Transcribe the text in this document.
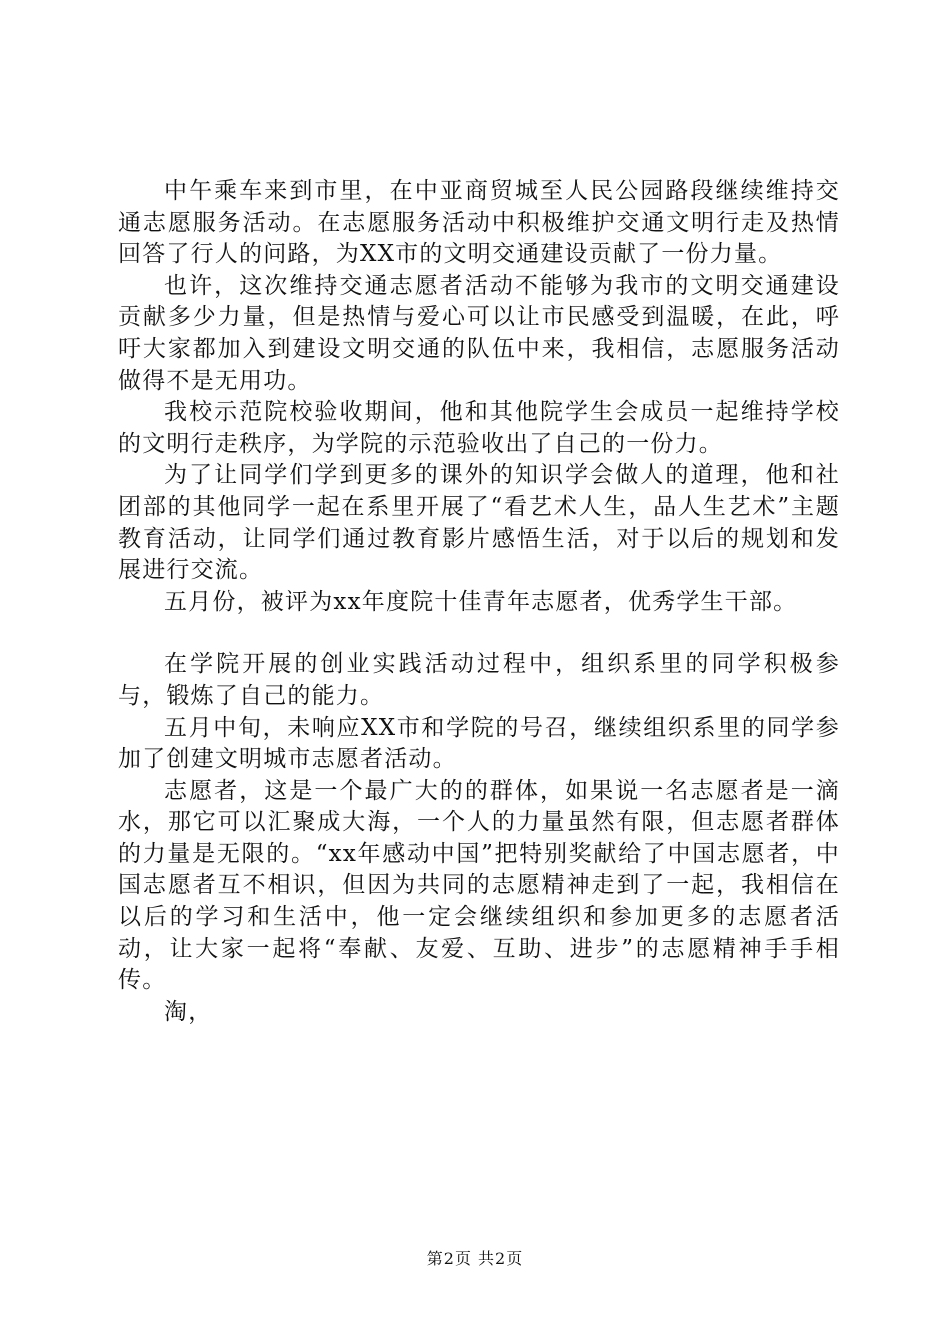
中午乘车来到市里，在中亚商贸城至人民公园路段继续维持交通志愿服务活动。在志愿服务活动中积极维护交通文明行走及热情回答了行人的问路，为XX市的文明交通建设贡献了一份力量。

也许，这次维持交通志愿者活动不能够为我市的文明交通建设贡献多少力量，但是热情与爱心可以让市民感受到温暖，在此，呼吁大家都加入到建设文明交通的队伍中来，我相信，志愿服务活动做得不是无用功。

我校示范院校验收期间，他和其他院学生会成员一起维持学校的文明行走秩序，为学院的示范验收出了自己的一份力。

为了让同学们学到更多的课外的知识学会做人的道理，他和社团部的其他同学一起在系里开展了“看艺术人生，品人生艺术”主题教育活动，让同学们通过教育影片感悟生活，对于以后的规划和发展进行交流。

五月份，被评为xx年度院十佳青年志愿者，优秀学生干部。

在学院开展的创业实践活动过程中，组织系里的同学积极参与，锻炼了自己的能力。

五月中旬，未响应XX市和学院的号召，继续组织系里的同学参加了创建文明城市志愿者活动。

志愿者，这是一个最广大的的群体，如果说一名志愿者是一滴水，那它可以汇聚成大海，一个人的力量虽然有限，但志愿者群体的力量是无限的。“xx年感动中国”把特别奖献给了中国志愿者，中国志愿者互不相识，但因为共同的志愿精神走到了一起，我相信在以后的学习和生活中，他一定会继续组织和参加更多的志愿者活动，让大家一起将“奉献、友爱、互助、进步”的志愿精神手手相传。

淘，

第2页 共2页
